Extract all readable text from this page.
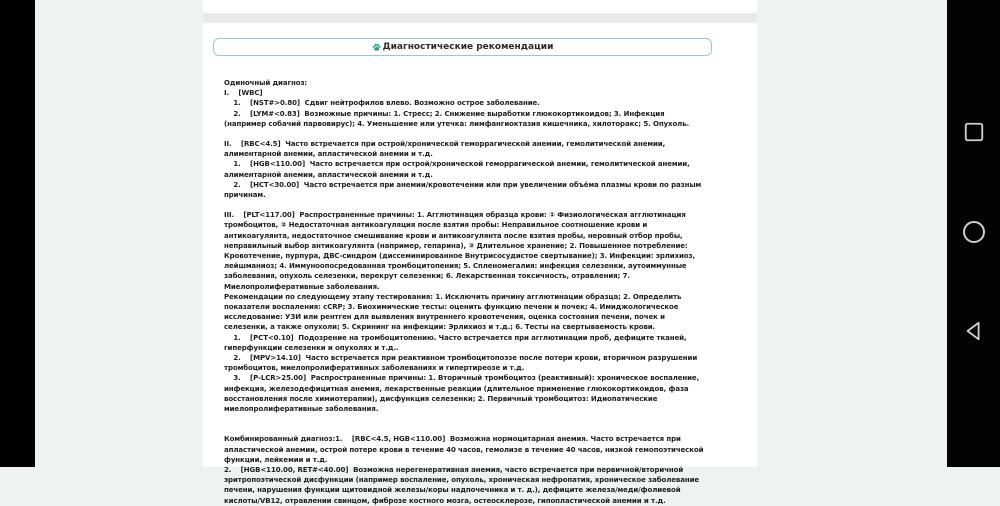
Диагностические рекомендации
Одиночный диагноз:
I.    [WBC]
1.    [NST#>0.80]  Сдвиг нейтрофилов влево. Возможно острое заболевание.
2.    [LYM#<0.83]  Возможные причины: 1. Стресс; 2. Снижение выработки глюкокортикоидов; 3. Инфекция (например собачий парвовирус); 4. Уменьшение или утечка: лимфангиоктазия кишечника, хилоторакс; 5. Опухоль.
II.    [RBC<4.5]  Часто встречается при острой/хронической геморрагической анемии, гемолитической анемии, алиментарной анемии, апластической анемии и т.д.
1.    [HGB<110.00]  Часто встречается при острой/хронической геморрагической анемии, гемолитической анемии, алиментарной анемии, апластической анемии и т.д.
2.    [HCT<30.00]  Часто встречается при анемии/кровотечении или при увеличении объёма плазмы крови по разным причинам.
III.    [PLT<117.00]  Распространенные причины: 1. Агглютинация образца крови: ① Физиологическая агглютинация тромбоцитов, ② Недостаточная антикоагуляция после взятия пробы: Неправильное соотношение крови и антикоагулянта, недостаточное смешивание крови и антикоагулянта после взятия пробы, неровный отбор пробы, неправильный выбор антикоагулянта (например, гепарина), ③ Длительное хранение; 2. Повышенное потребление: Кровотечение, пурпура, ДВС-синдром (диссеминированное Внутрисосудистое свертывание); 3. Инфекции: эрлихиоз, лейшманиоз; 4. Иммуноопосредованная тромбоцитопения; 5. Спленомегалия: инфекция селезенки, аутоиммунные заболевания, опухоль селезенки, перекрут селезенки; 6. Лекарственная токсичность, отравления; 7. Миелопролиферативные заболевания.
Рекомендации по следующему этапу тестирования: 1. Исключить причину агглютинации образца; 2. Определить показатели воспаления: cCRP; 3. Биохимические тесты: оценить функцию печени и почек; 4. Имиджологическое исследование: УЗИ или рентген для выявления внутреннего кровотечения, оценка состояния печени, почек и селезенки, а также опухоли; 5. Скрининг на инфекции: Эрлихиоз и т.д.; 6. Тесты на свертываемость крови.
1.    [PCT<0.10]  Подозрение на тромбоцитопению. Часто встречается при агглютинации проб, дефиците тканей, гиперфункции селезенки и опухолях и т.д..
2.    [MPV>14.10]  Часто встречается при реактивном тромбоцитопоэзе после потери крови, вторичном разрушении тромбоцитов, миелопролиферативных заболеваниях и гипертиреозе и т.д.
3.    [P-LCR>25.00]  Распространенные причины: 1. Вторичный тромбоцитоз (реактивный): хроническое воспаление, инфекция, железодефицитная анемия, лекарственные реакции (длительное применение глюкокортикоидов, фаза восстановления после химиотерапии), дисфункция селезенки; 2. Первичный тромбоцитоз: Идиопатические миелопролиферативные заболевания.
Комбинированный диагноз:1.    [RBC<4.5, HGB<110.00]  Возможна нормоцитарная анемия. Часто встречается при апластической анемии, острой потере крови в течение 40 часов, гемолизе в течение 40 часов, низкой гемопоэтической функции, лейкемии и т.д.
2.    [HGB<110.00, RET#<40.00]  Возможна нерегенеративная анемия, часто встречается при первичной/вторичной эритропоэтической дисфункции (например воспаление, опухоль, хроническая нефропатия, хроническое заболевание печени, нарушения функции щитовидной железы/коры надпочечника и т. д.), дефиците железа/меди/фолиевой кислоты/VB12, отравлении свинцом, фиброзе костного мозга, остеосклерозе, гипопластической анемии и т.д.
